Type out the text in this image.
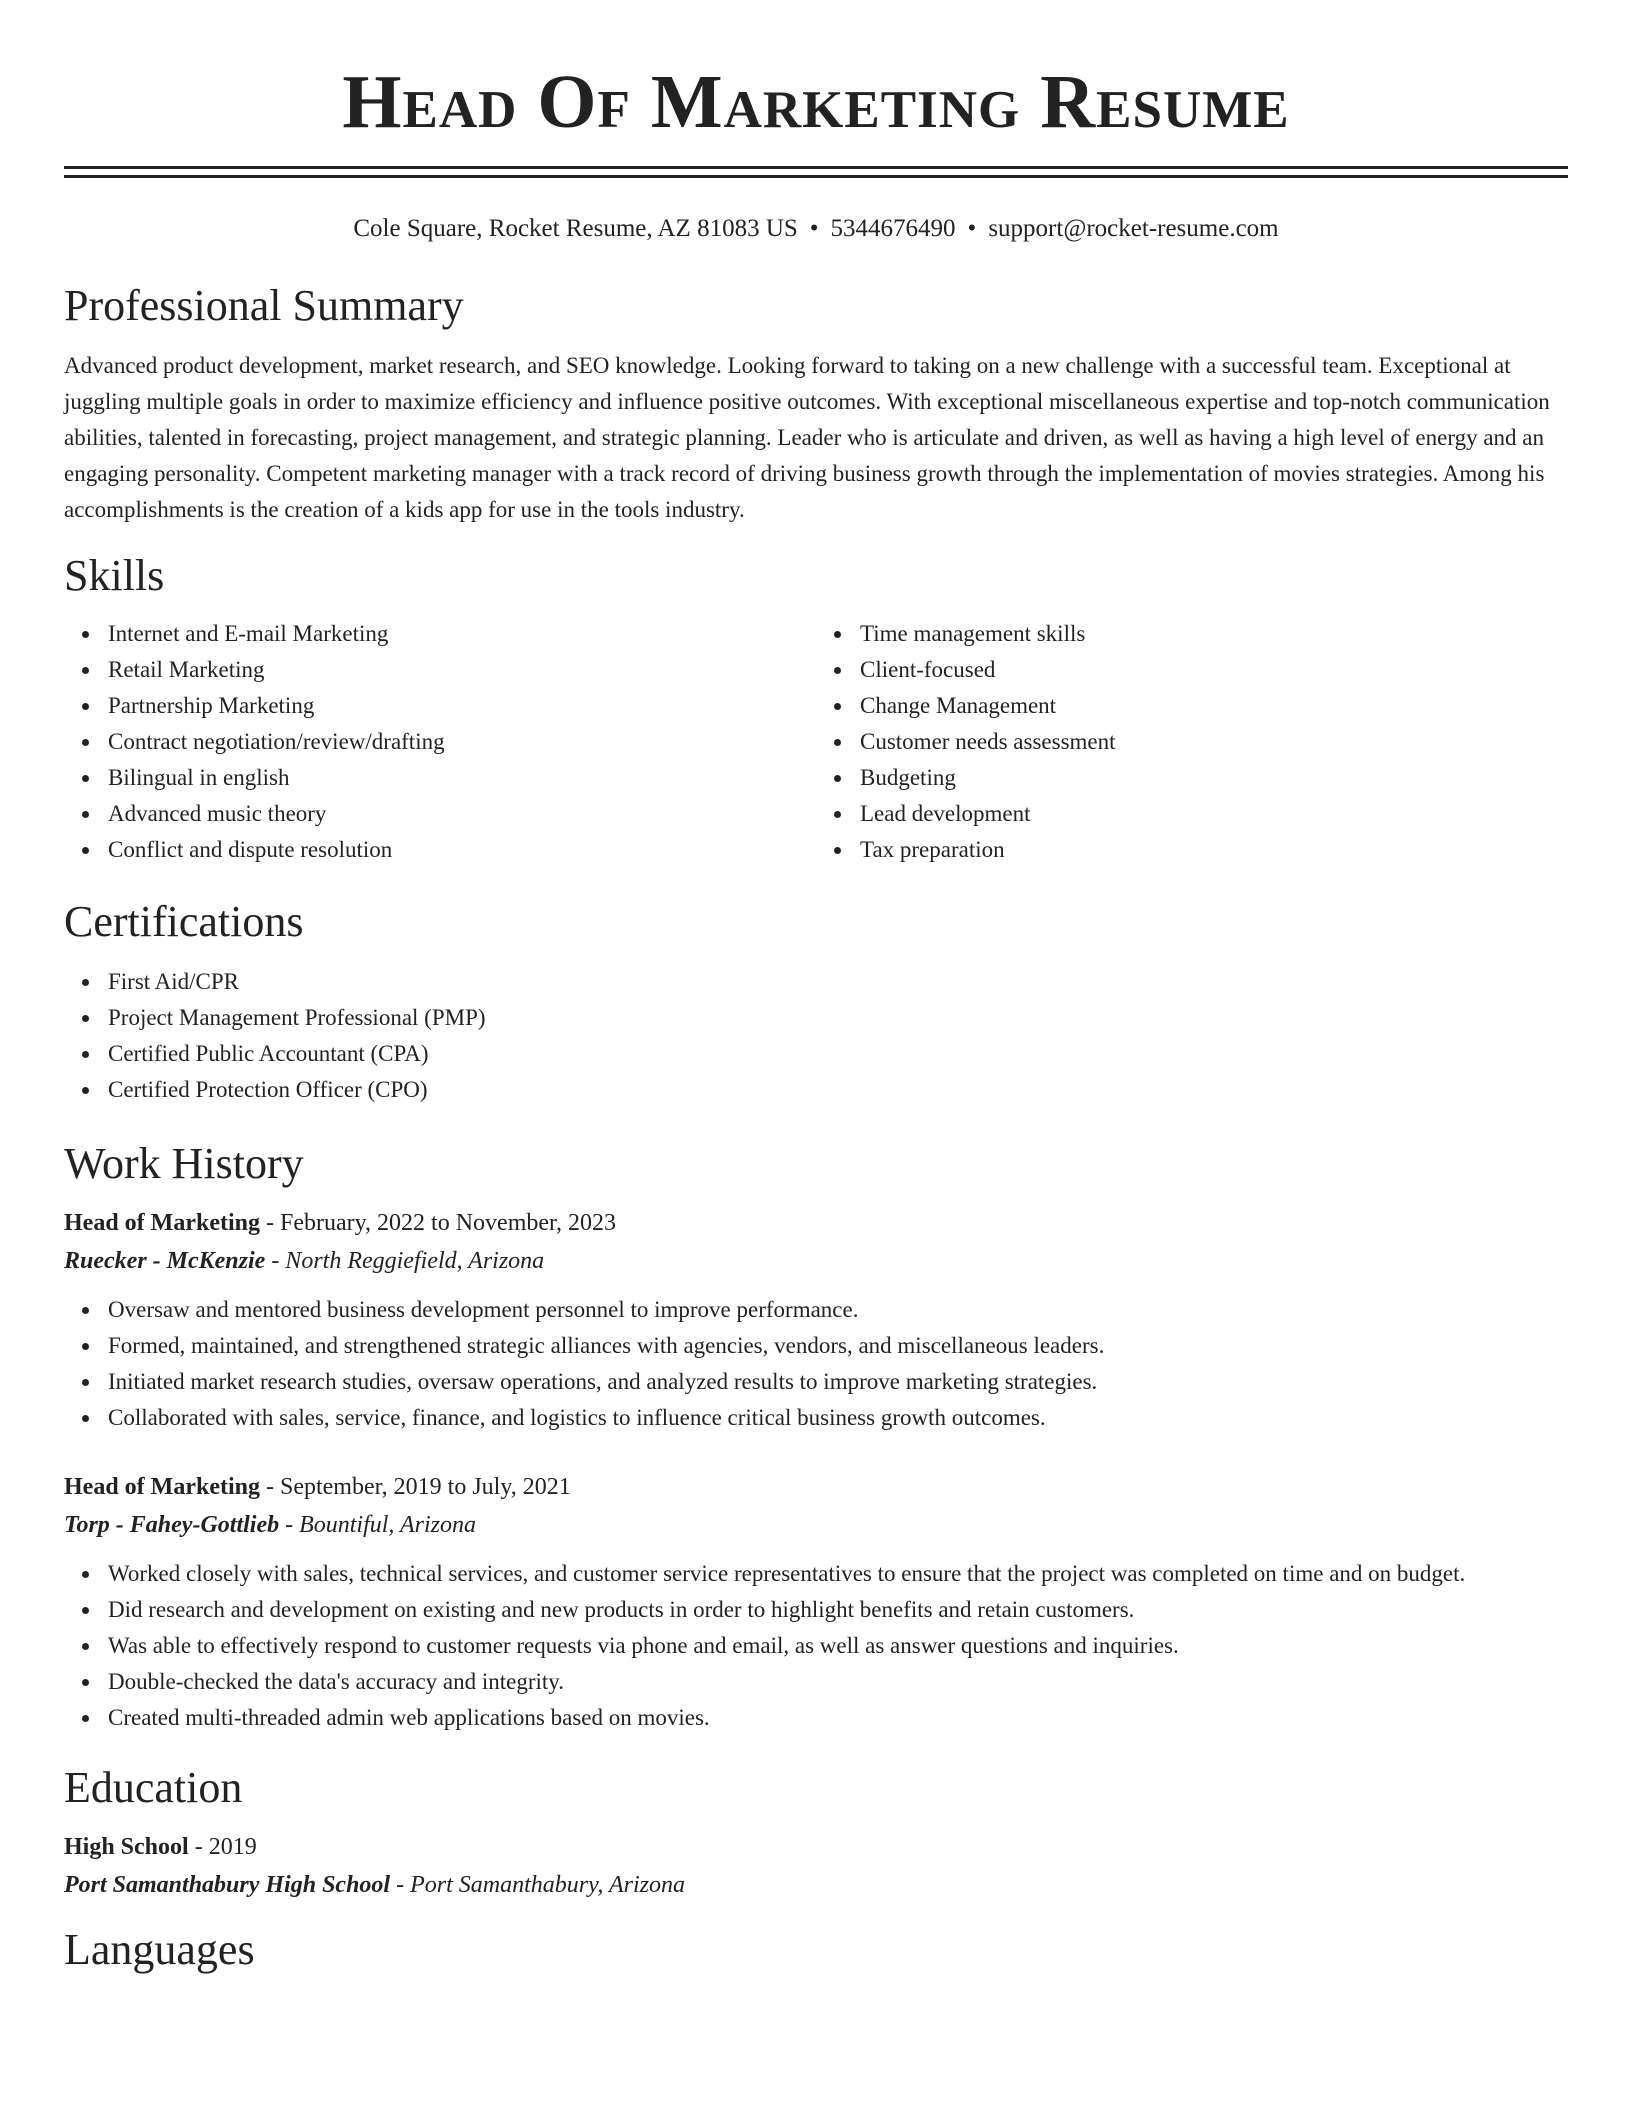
Head Of Marketing Resume
Cole Square, Rocket Resume, AZ 81083 US • 5344676490 • support@rocket-resume.com
Professional Summary

Advanced product development, market research, and SEO knowledge. Looking forward to taking on a new challenge with a successful team. Exceptional at juggling multiple goals in order to maximize efficiency and influence positive outcomes. With exceptional miscellaneous expertise and top-notch communication abilities, talented in forecasting, project management, and strategic planning. Leader who is articulate and driven, as well as having a high level of energy and an engaging personality. Competent marketing manager with a track record of driving business growth through the implementation of movies strategies. Among his accomplishments is the creation of a kids app for use in the tools industry.

Skills
Internet and E-mail Marketing
Retail Marketing
Partnership Marketing
Contract negotiation/review/drafting
Bilingual in english
Advanced music theory
Conflict and dispute resolution
Time management skills
Client-focused
Change Management
Customer needs assessment
Budgeting
Lead development
Tax preparation
Certifications
First Aid/CPR
Project Management Professional (PMP)
Certified Public Accountant (CPA)
Certified Protection Officer (CPO)
Work History

Head of Marketing - February, 2022 to November, 2023

Ruecker - McKenzie - North Reggiefield, Arizona

Oversaw and mentored business development personnel to improve performance.
Formed, maintained, and strengthened strategic alliances with agencies, vendors, and miscellaneous leaders.
Initiated market research studies, oversaw operations, and analyzed results to improve marketing strategies.
Collaborated with sales, service, finance, and logistics to influence critical business growth outcomes.

Head of Marketing - September, 2019 to July, 2021

Torp - Fahey-Gottlieb - Bountiful, Arizona

Worked closely with sales, technical services, and customer service representatives to ensure that the project was completed on time and on budget.
Did research and development on existing and new products in order to highlight benefits and retain customers.
Was able to effectively respond to customer requests via phone and email, as well as answer questions and inquiries.
Double-checked the data's accuracy and integrity.
Created multi-threaded admin web applications based on movies.
Education

High School - 2019

Port Samanthabury High School - Port Samanthabury, Arizona

Languages
